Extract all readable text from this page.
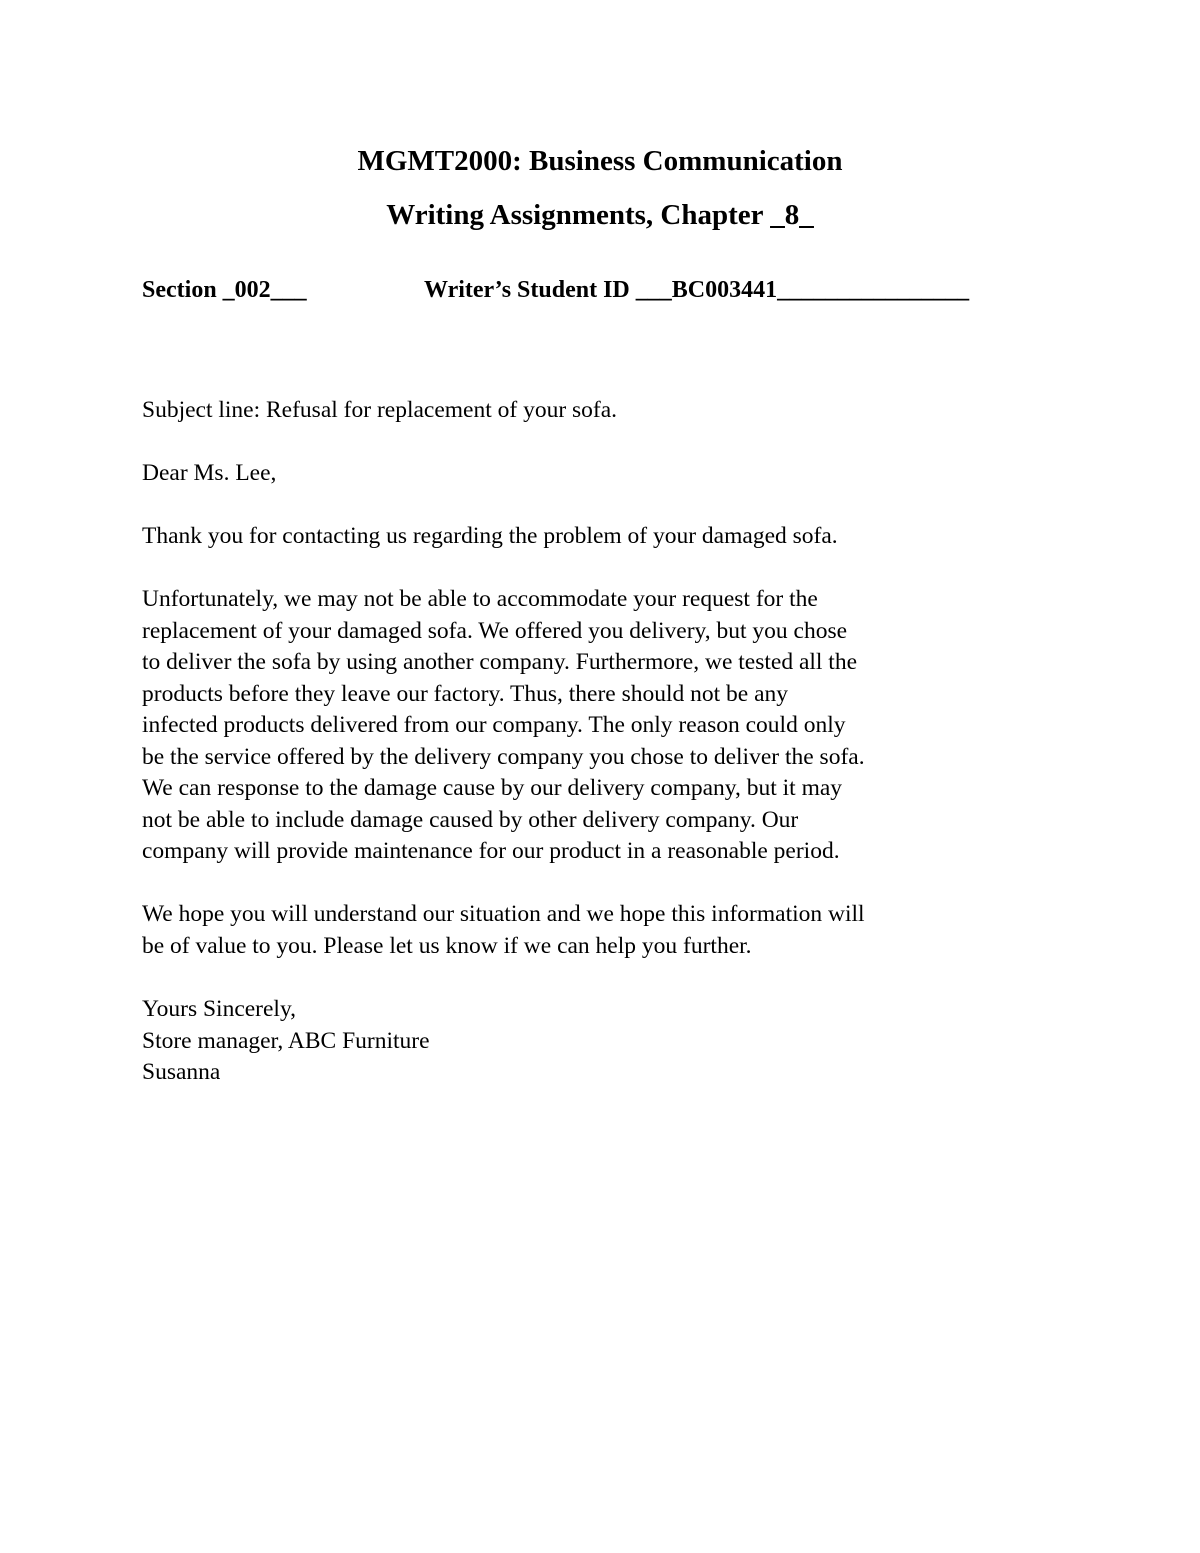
MGMT2000: Business Communication
Writing Assignments, Chapter _8_
Section _002___	Writer’s Student ID ___BC003441________________
Subject line: Refusal for replacement of your sofa.
Dear Ms. Lee,
Thank you for contacting us regarding the problem of your damaged sofa.
Unfortunately, we may not be able to accommodate your request for the
replacement of your damaged sofa. We offered you delivery, but you chose
to deliver the sofa by using another company. Furthermore, we tested all the
products before they leave our factory. Thus, there should not be any
infected products delivered from our company. The only reason could only
be the service offered by the delivery company you chose to deliver the sofa.
We can response to the damage cause by our delivery company, but it may
not be able to include damage caused by other delivery company. Our
company will provide maintenance for our product in a reasonable period.
We hope you will understand our situation and we hope this information will
be of value to you. Please let us know if we can help you further.
Yours Sincerely,
Store manager, ABC Furniture
Susanna
